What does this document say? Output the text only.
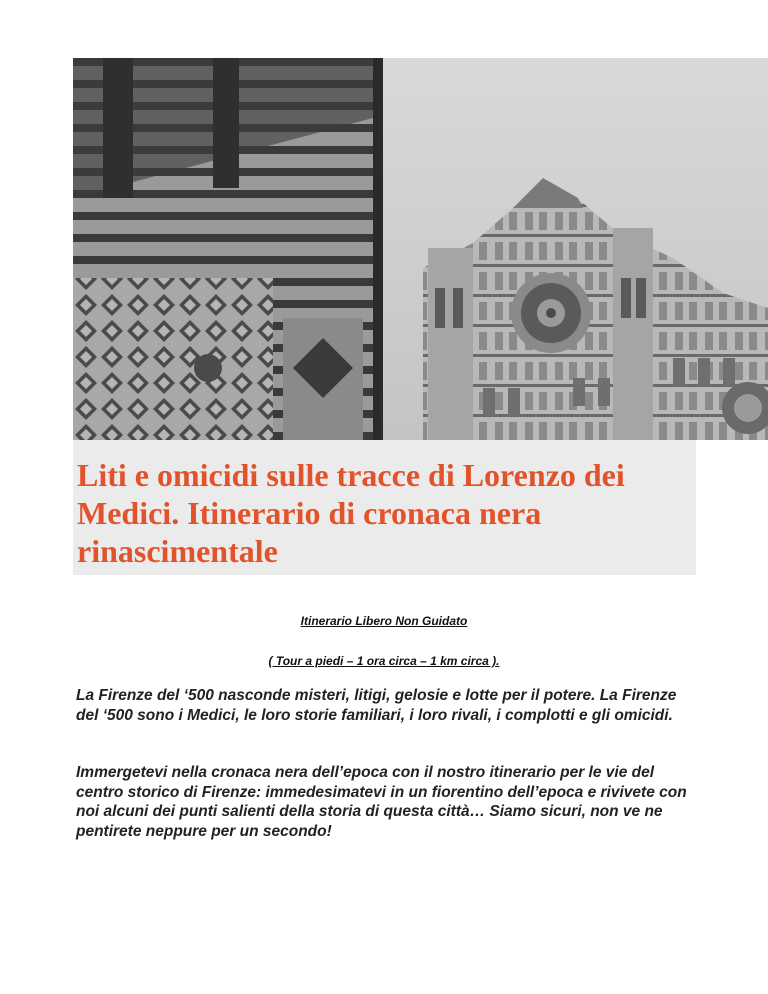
Liti e omicidi sulle tracce di Lorenzo dei Medici. Itinerario di cronaca nera rinascimentale

Itinerario Libero Non Guidato

( Tour a piedi – 1 ora circa – 1 km circa ).

La Firenze del ‘500 nasconde misteri, litigi, gelosie e lotte per il potere. La Firenze del ‘500 sono i Medici, le loro storie familiari, i loro rivali, i complotti e gli omicidi.

Immergetevi nella cronaca nera dell’epoca con il nostro itinerario per le vie del centro storico di Firenze: immedesimatevi in un fiorentino dell’epoca e rivivete con noi alcuni dei punti salienti della storia di questa città… Siamo sicuri, non ve ne pentirete neppure per un secondo!
